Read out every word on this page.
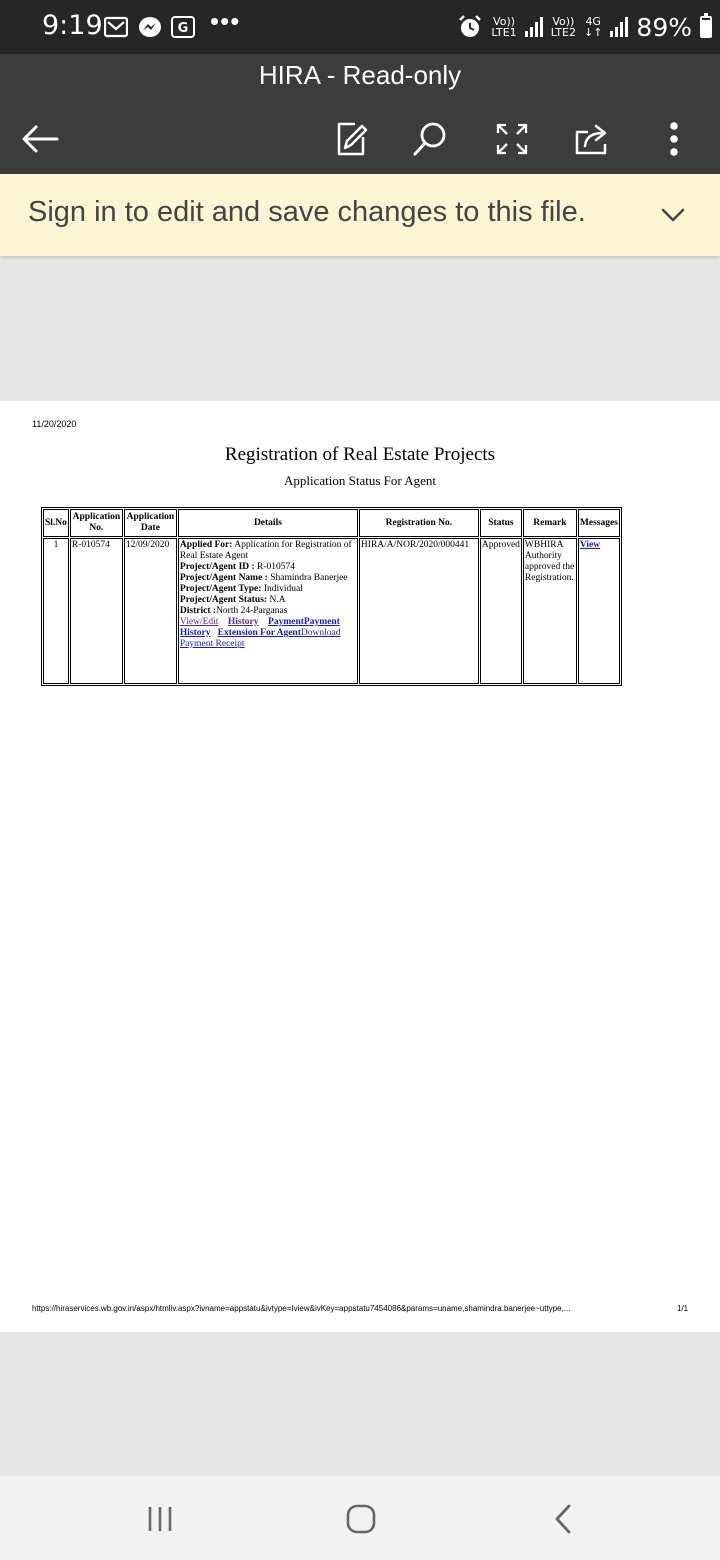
9:19	G •••	Vo))
LTE1
Vo))
LTE2
4G
↓↑ 89%
HIRA - Read-only
Sign in to edit and save changes to this file.
11/20/2020
Registration of Real Estate Projects
Application Status For Agent
Sl.No	Application No.	Application Date	Details	Registration No.	Status	Remark	Messages
1	R-010574	12/09/2020	Applied For: Application for Registration of Real Estate Agent
Project/Agent ID : R-010574    Project/Agent Name : Shamindra Banerjee
Project/Agent Type: Individual     Project/Agent Status: N.A
District :North 24-Parganas
View/Edit History PaymentPayment History Extension For AgentDownload Payment Receipt	HIRA/A/NOR/2020/000441	Approved	WBHIRA Authority approved the Registration.	View
https://hiraservices.wb.gov.in/aspx/htmliv.aspx?ivname=appstatu&ivtype=Iview&ivKey=appstatu7454086&params=uname,shamindra.banerjee~uttype,...	1/1
